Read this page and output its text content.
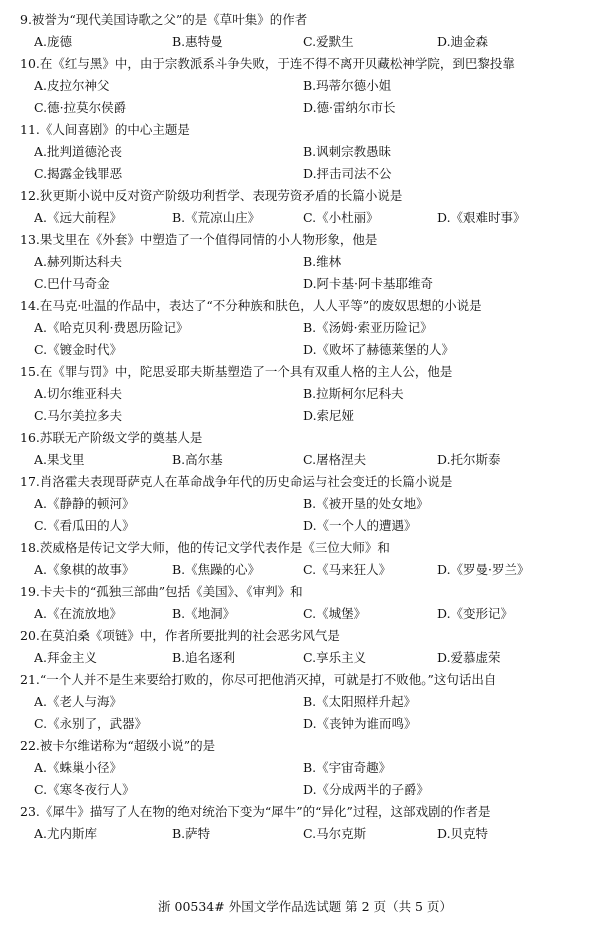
9.被誉为“现代美国诗歌之父”的是《草叶集》的作者
A.庞德	B.惠特曼	C.爱默生	D.迪金森
10.在《红与黑》中，由于宗教派系斗争失败，于连不得不离开贝藏松神学院，到巴黎投靠
A.皮拉尔神父	B.玛蒂尔德小姐
C.德·拉莫尔侯爵	D.德·雷纳尔市长
11.《人间喜剧》的中心主题是
A.批判道德沦丧	B.讽刺宗教愚昧
C.揭露金钱罪恶	D.抨击司法不公
12.狄更斯小说中反对资产阶级功利哲学、表现劳资矛盾的长篇小说是
A.《远大前程》	B.《荒凉山庄》	C.《小杜丽》	D.《艰难时事》
13.果戈里在《外套》中塑造了一个值得同情的小人物形象，他是
A.赫列斯达科夫	B.维林
C.巴什马奇金	D.阿卡基·阿卡基耶维奇
14.在马克·吐温的作品中，表达了“不分种族和肤色，人人平等”的废奴思想的小说是
A.《哈克贝利·费恩历险记》	B.《汤姆·索亚历险记》
C.《镀金时代》	D.《败坏了赫德莱堡的人》
15.在《罪与罚》中，陀思妥耶夫斯基塑造了一个具有双重人格的主人公，他是
A.切尔维亚科夫	B.拉斯柯尔尼科夫
C.马尔美拉多夫	D.索尼娅
16.苏联无产阶级文学的奠基人是
A.果戈里	B.高尔基	C.屠格涅夫	D.托尔斯泰
17.肖洛霍夫表现哥萨克人在革命战争年代的历史命运与社会变迁的长篇小说是
A.《静静的顿河》	B.《被开垦的处女地》
C.《看瓜田的人》	D.《一个人的遭遇》
18.茨威格是传记文学大师，他的传记文学代表作是《三位大师》和
A.《象棋的故事》	B.《焦躁的心》	C.《马来狂人》	D.《罗曼·罗兰》
19.卡夫卡的“孤独三部曲”包括《美国》、《审判》和
A.《在流放地》	B.《地洞》	C.《城堡》	D.《变形记》
20.在莫泊桑《项链》中，作者所要批判的社会恶劣风气是
A.拜金主义	B.追名逐利	C.享乐主义	D.爱慕虚荣
21.“一个人并不是生来要给打败的，你尽可把他消灭掉，可就是打不败他。”这句话出自
A.《老人与海》	B.《太阳照样升起》
C.《永别了，武器》	D.《丧钟为谁而鸣》
22.被卡尔维诺称为“超级小说”的是
A.《蛛巢小径》	B.《宇宙奇趣》
C.《寒冬夜行人》	D.《分成两半的子爵》
23.《犀牛》描写了人在物的绝对统治下变为“犀牛”的“异化”过程，这部戏剧的作者是
A.尤内斯库	B.萨特	C.马尔克斯	D.贝克特
浙 00534# 外国文学作品选试题 第 2 页（共 5 页）
